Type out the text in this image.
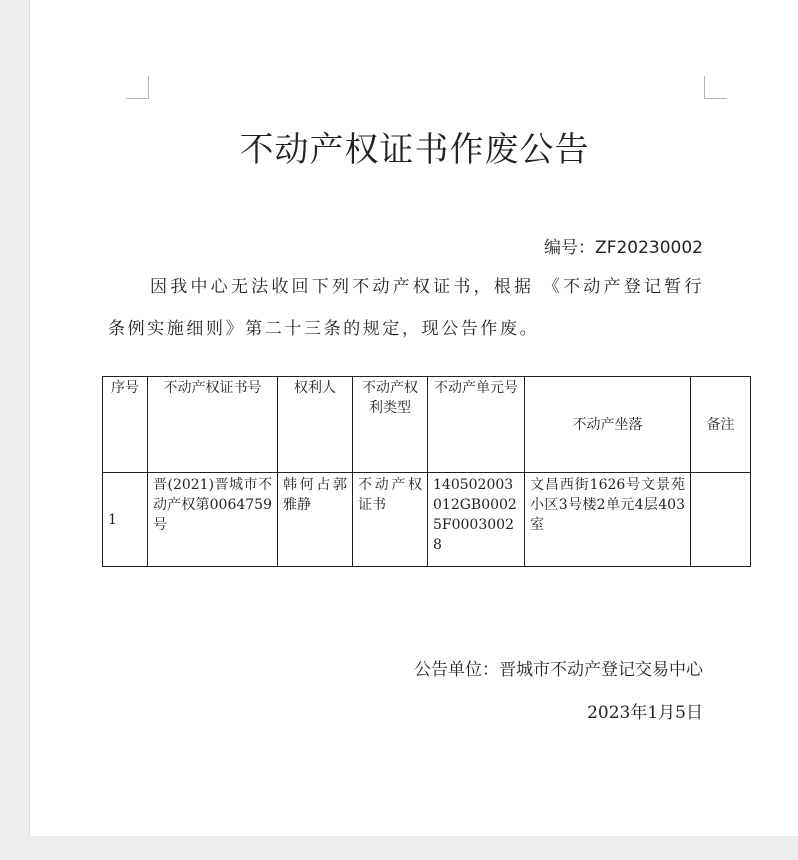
不动产权证书作废公告
编号：ZF20230002
因我中心无法收回下列不动产权证书，根据 《不动产登记暂行条例实施细则》第二十三条的规定，现公告作废。
序号	不动产权证书号	权利人	不动产权利类型	不动产单元号	不动产坐落	备注
1	晋(2021)晋城市不动产权第0064759号	韩何占郭雅静	不动产权证书	140502003012GB00025F00030028	文昌西街1626号文景苑小区3号楼2单元4层403室	
公告单位：晋城市不动产登记交易中心
2023年1月5日
